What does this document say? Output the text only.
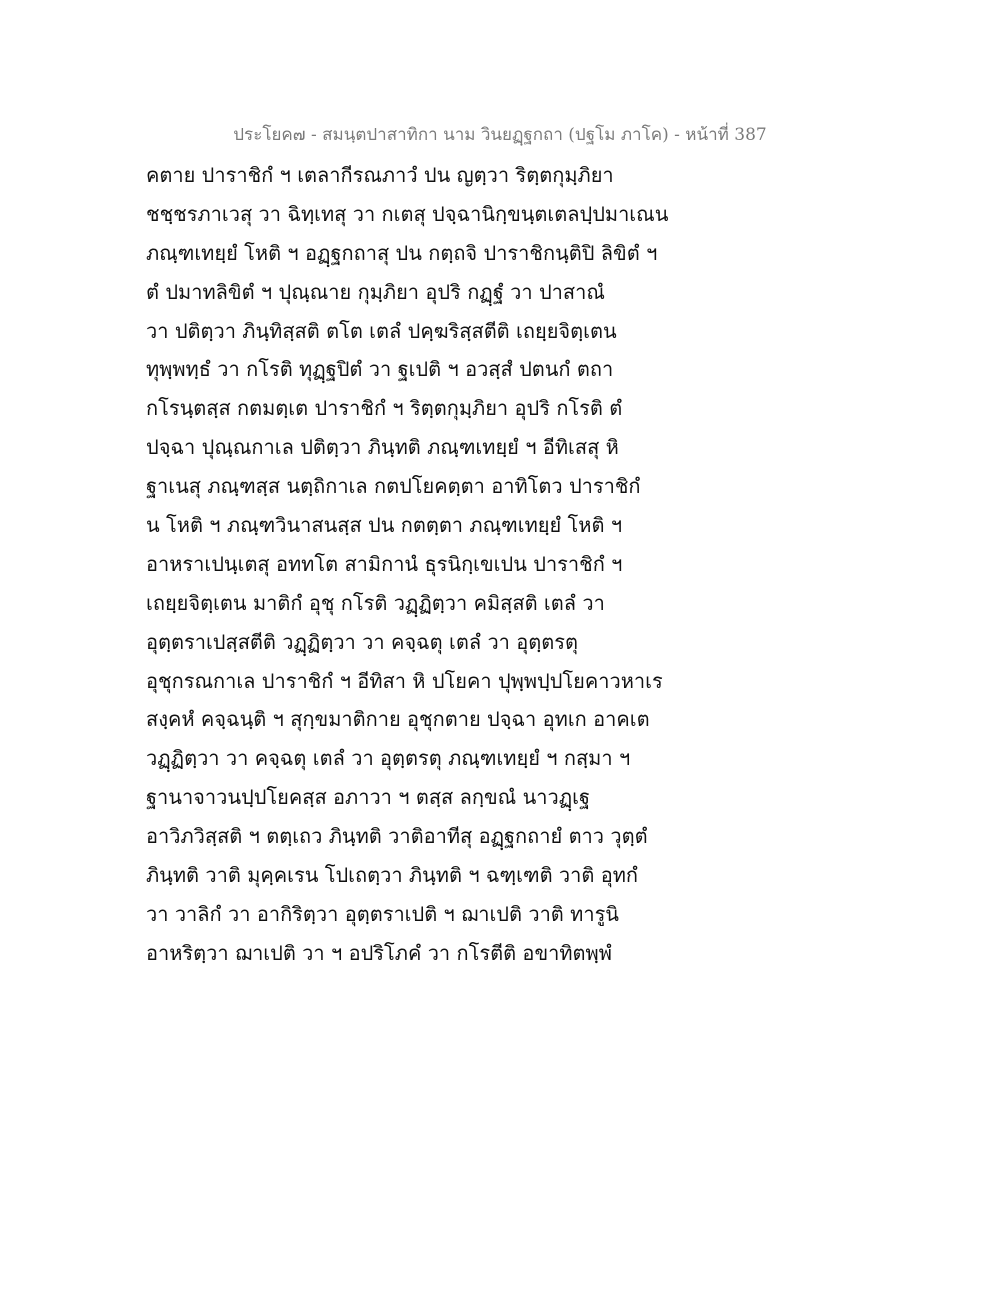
ประโยค๗ - สมนฺตปาสาทิกา นาม วินยฏฺฐกถา (ปฐโม ภาโค) - หน้าที่ 387
คตาย ปาราชิกํ ฯ เตลากีรณภาวํ ปน ญตฺวา ริตฺตกุมฺภิยา
ชชฺชรภาเวสุ วา ฉิทฺเทสุ วา กเตสุ ปจฺฉานิกฺขนฺตเตลปฺปมาเณน
ภณฺฑเทยฺยํ โหติ ฯ อฏฺฐกถาสุ ปน กตฺถจิ ปาราชิกนฺติปิ ลิขิตํ ฯ
ตํ ปมาทลิขิตํ ฯ ปุณฺณาย กุมฺภิยา อุปริ กฏฺฐํ วา ปาสาณํ
วา ปติตฺวา ภินฺทิสฺสติ ตโต เตลํ ปคฺฆริสฺสตีติ เถยฺยจิตฺเตน
ทุพฺพทฺธํ วา กโรติ ทุฏฺฐปิตํ วา ฐเปติ ฯ อวสฺสํ ปตนกํ ตถา
กโรนฺตสฺส กตมตฺเต ปาราชิกํ ฯ ริตฺตกุมฺภิยา อุปริ กโรติ ตํ
ปจฺฉา ปุณฺณกาเล ปติตฺวา ภินฺทติ ภณฺฑเทยฺยํ ฯ อีทิเสสุ หิ
ฐาเนสุ ภณฺฑสฺส นตฺถิกาเล กตปโยคตฺตา อาทิโตว ปาราชิกํ
น โหติ ฯ ภณฺฑวินาสนสฺส ปน กตตฺตา ภณฺฑเทยฺยํ โหติ ฯ
อาหราเปนฺเตสุ อททโต สามิกานํ ธุรนิกฺเขเปน ปาราชิกํ ฯ
เถยฺยจิตฺเตน มาติกํ อุชุ กโรติ วฏฺฏิตฺวา คมิสฺสติ เตลํ วา
อุตฺตราเปสฺสตีติ วฏฺฏิตฺวา วา คจฺฉตุ เตลํ วา อุตฺตรตุ
อุชุกรณกาเล ปาราชิกํ ฯ อีทิสา หิ ปโยคา ปุพฺพปฺปโยคาวหาเร
สงฺคหํ คจฺฉนฺติ ฯ สุกฺขมาติกาย อุชุกตาย ปจฺฉา อุทเก อาคเต
วฏฺฏิตฺวา วา คจฺฉตุ เตลํ วา อุตฺตรตุ ภณฺฑเทยฺยํ ฯ กสฺมา ฯ
ฐานาจาวนปฺปโยคสฺส อภาวา ฯ ตสฺส ลกฺขณํ นาวฏฺเฐ
อาวิภวิสฺสติ ฯ ตตฺเถว ภินฺทติ วาติอาทีสุ อฏฺฐกถายํ ตาว วุตฺตํ
ภินฺทติ วาติ มุคฺคเรน โปเถตฺวา ภินฺทติ ฯ ฉฑฺเฑติ วาติ อุทกํ
วา วาลิกํ วา อากิริตฺวา อุตฺตราเปติ ฯ ฌาเปติ วาติ ทารูนิ
อาหริตฺวา ฌาเปติ วา ฯ อปริโภคํ วา กโรตีติ อขาทิตพฺพํ
